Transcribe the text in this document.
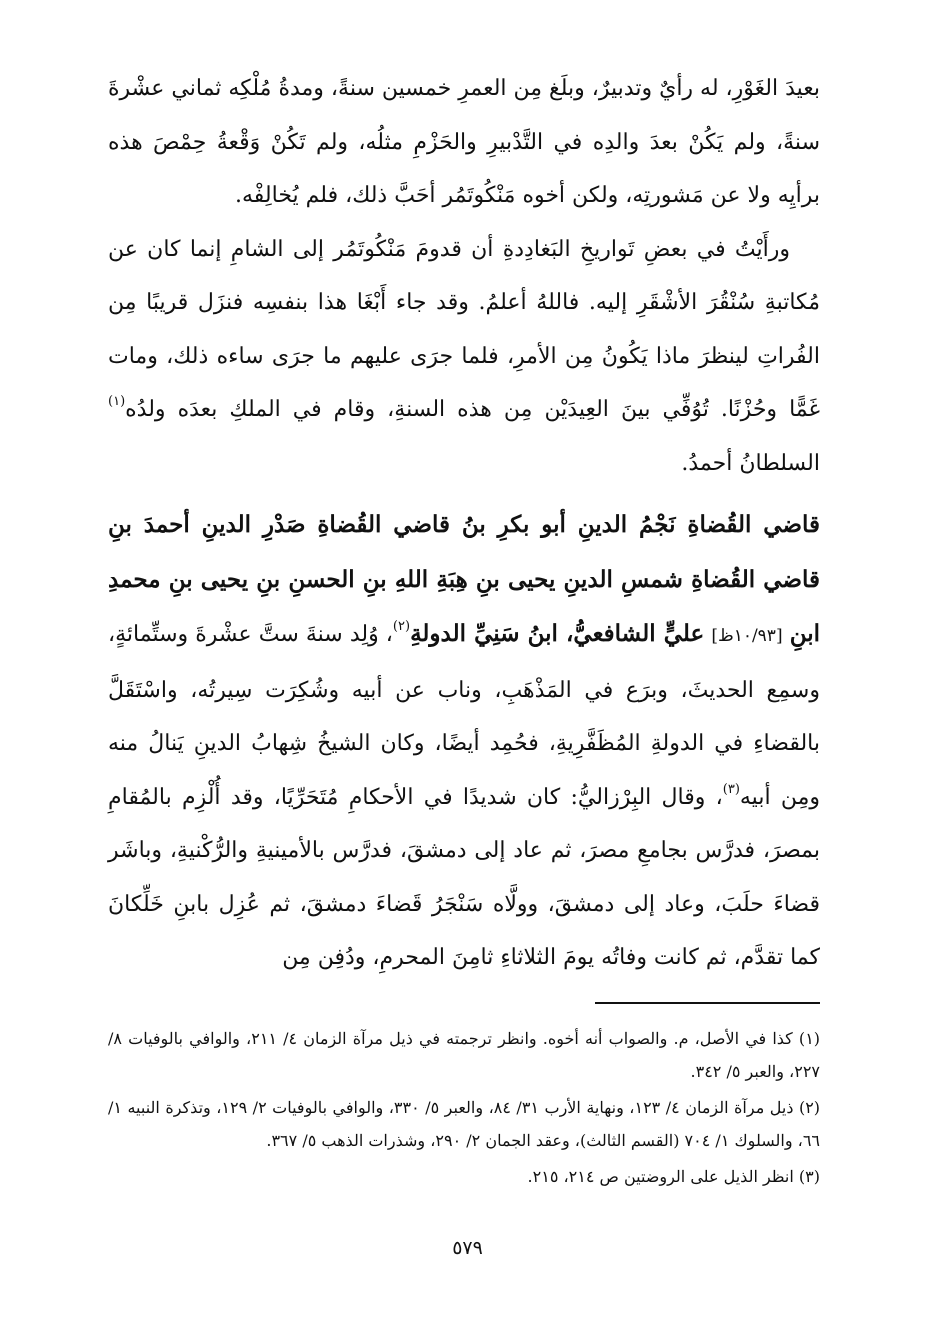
بعيدَ الغَوْرِ، له رأيٌ وتدبيرٌ، وبلَغ مِن العمرِ خمسين سنةً، ومدةُ مُلْكِه ثماني عشْرةَ سنةً، ولم يَكُنْ بعدَ والدِه في التَّدْبيرِ والحَزْمِ مثلُه، ولم تَكُنْ وَقْعةُ حِمْصَ هذه برأيِه ولا عن مَشورتِه، ولكن أخوه مَنْكُوتَمُر أحَبَّ ذلك، فلم يُخالِفْه.

ورأَيْتُ في بعضِ تَواريخِ البَغادِدةِ أن قدومَ مَنْكُوتَمُر إلى الشامِ إنما كان عن مُكاتبةِ سُنْقُرَ الأشْقَرِ إليه. فاللهُ أعلمُ. وقد جاء أَبْغَا هذا بنفسِه فنزَل قريبًا مِن الفُراتِ لينظرَ ماذا يَكُونُ مِن الأمرِ، فلما جرَى عليهم ما جرَى ساءه ذلك، ومات غَمًّا وحُزْنًا. تُوُفِّي بينَ العِيدَيْن مِن هذه السنةِ، وقام في الملكِ بعدَه ولدُه$^{(١)}$ السلطانُ أحمدُ.

قاضي القُضاةِ نَجْمُ الدينِ أبو بكرِ بنُ قاضي القُضاةِ صَدْرِ الدينِ أحمدَ بنِ قاضي القُضاةِ شمسِ الدينِ يحيى بنِ هِبَةِ اللهِ بنِ الحسنِ بنِ يحيى بنِ محمدِ ابنِ [١٠/٩٣ظ] عليٍّ الشافعيُّ، ابنُ سَنِيِّ الدولةِ$^{(٢)}$، وُلِد سنةَ ستَّ عشْرةَ وستِّمائةٍ، وسمِع الحديثَ، وبرَع في المَذْهَبِ، وناب عن أبيه وشُكِرَت سِيرتُه، واسْتَقَلَّ بالقضاءِ في الدولةِ المُظَفَّرِيةِ، فحُمِد أيضًا، وكان الشيخُ شِهابُ الدينِ يَنالُ منه ومِن أبيه$^{(٣)}$، وقال البِرْزاليُّ: كان شديدًا في الأحكامِ مُتَحَرِّيًا، وقد أُلْزِم بالمُقامِ بمصرَ، فدرَّس بجامعِ مصرَ، ثم عاد إلى دمشقَ، فدرَّس بالأمينيةِ والرُّكْنيةِ، وباشَر قضاءَ حلَبَ، وعاد إلى دمشقَ، وولَّاه سَنْجَرُ قَضاءَ دمشقَ، ثم عُزِل بابنِ خَلِّكانَ كما تقدَّم، ثم كانت وفاتُه يومَ الثلاثاءِ ثامِنَ المحرمِ، ودُفِن مِن

(١) كذا في الأصل، م. والصواب أنه أخوه. وانظر ترجمته في ذيل مرآة الزمان ٤/ ٢١١، والوافي بالوفيات ٨/ ٢٢٧، والعبر ٥/ ٣٤٢.

(٢) ذيل مرآة الزمان ٤/ ١٢٣، ونهاية الأرب ٣١/ ٨٤، والعبر ٥/ ٣٣٠، والوافي بالوفيات ٢/ ١٢٩، وتذكرة النبيه ١/ ٦٦، والسلوك ١/ ٧٠٤ (القسم الثالث)، وعقد الجمان ٢/ ٢٩٠، وشذرات الذهب ٥/ ٣٦٧.

(٣) انظر الذيل على الروضتين ص ٢١٤، ٢١٥.

٥٧٩
